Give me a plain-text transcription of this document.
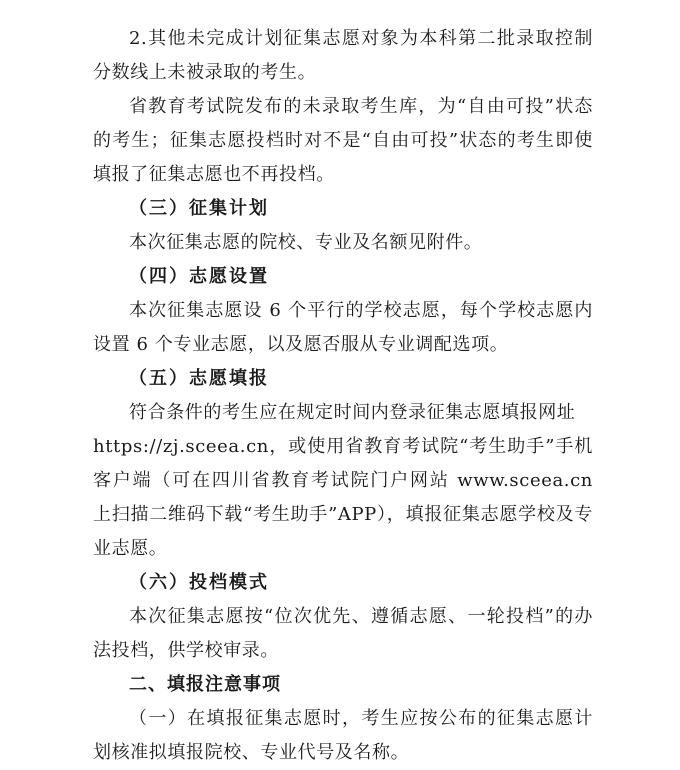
2.其他未完成计划征集志愿对象为本科第二批录取控制分数线上未被录取的考生。

省教育考试院发布的未录取考生库，为“自由可投”状态的考生；征集志愿投档时对不是“自由可投”状态的考生即使填报了征集志愿也不再投档。

（三）征集计划

本次征集志愿的院校、专业及名额见附件。

（四）志愿设置

本次征集志愿设 6 个平行的学校志愿，每个学校志愿内设置 6 个专业志愿，以及愿否服从专业调配选项。

（五）志愿填报

符合条件的考生应在规定时间内登录征集志愿填报网址

https://zj.sceea.cn，或使用省教育考试院“考生助手”手机客户端（可在四川省教育考试院门户网站 www.sceea.cn 上扫描二维码下载“考生助手”APP），填报征集志愿学校及专业志愿。

（六）投档模式

本次征集志愿按“位次优先、遵循志愿、一轮投档”的办法投档，供学校审录。

二、填报注意事项

（一）在填报征集志愿时，考生应按公布的征集志愿计划核准拟填报院校、专业代号及名称。
